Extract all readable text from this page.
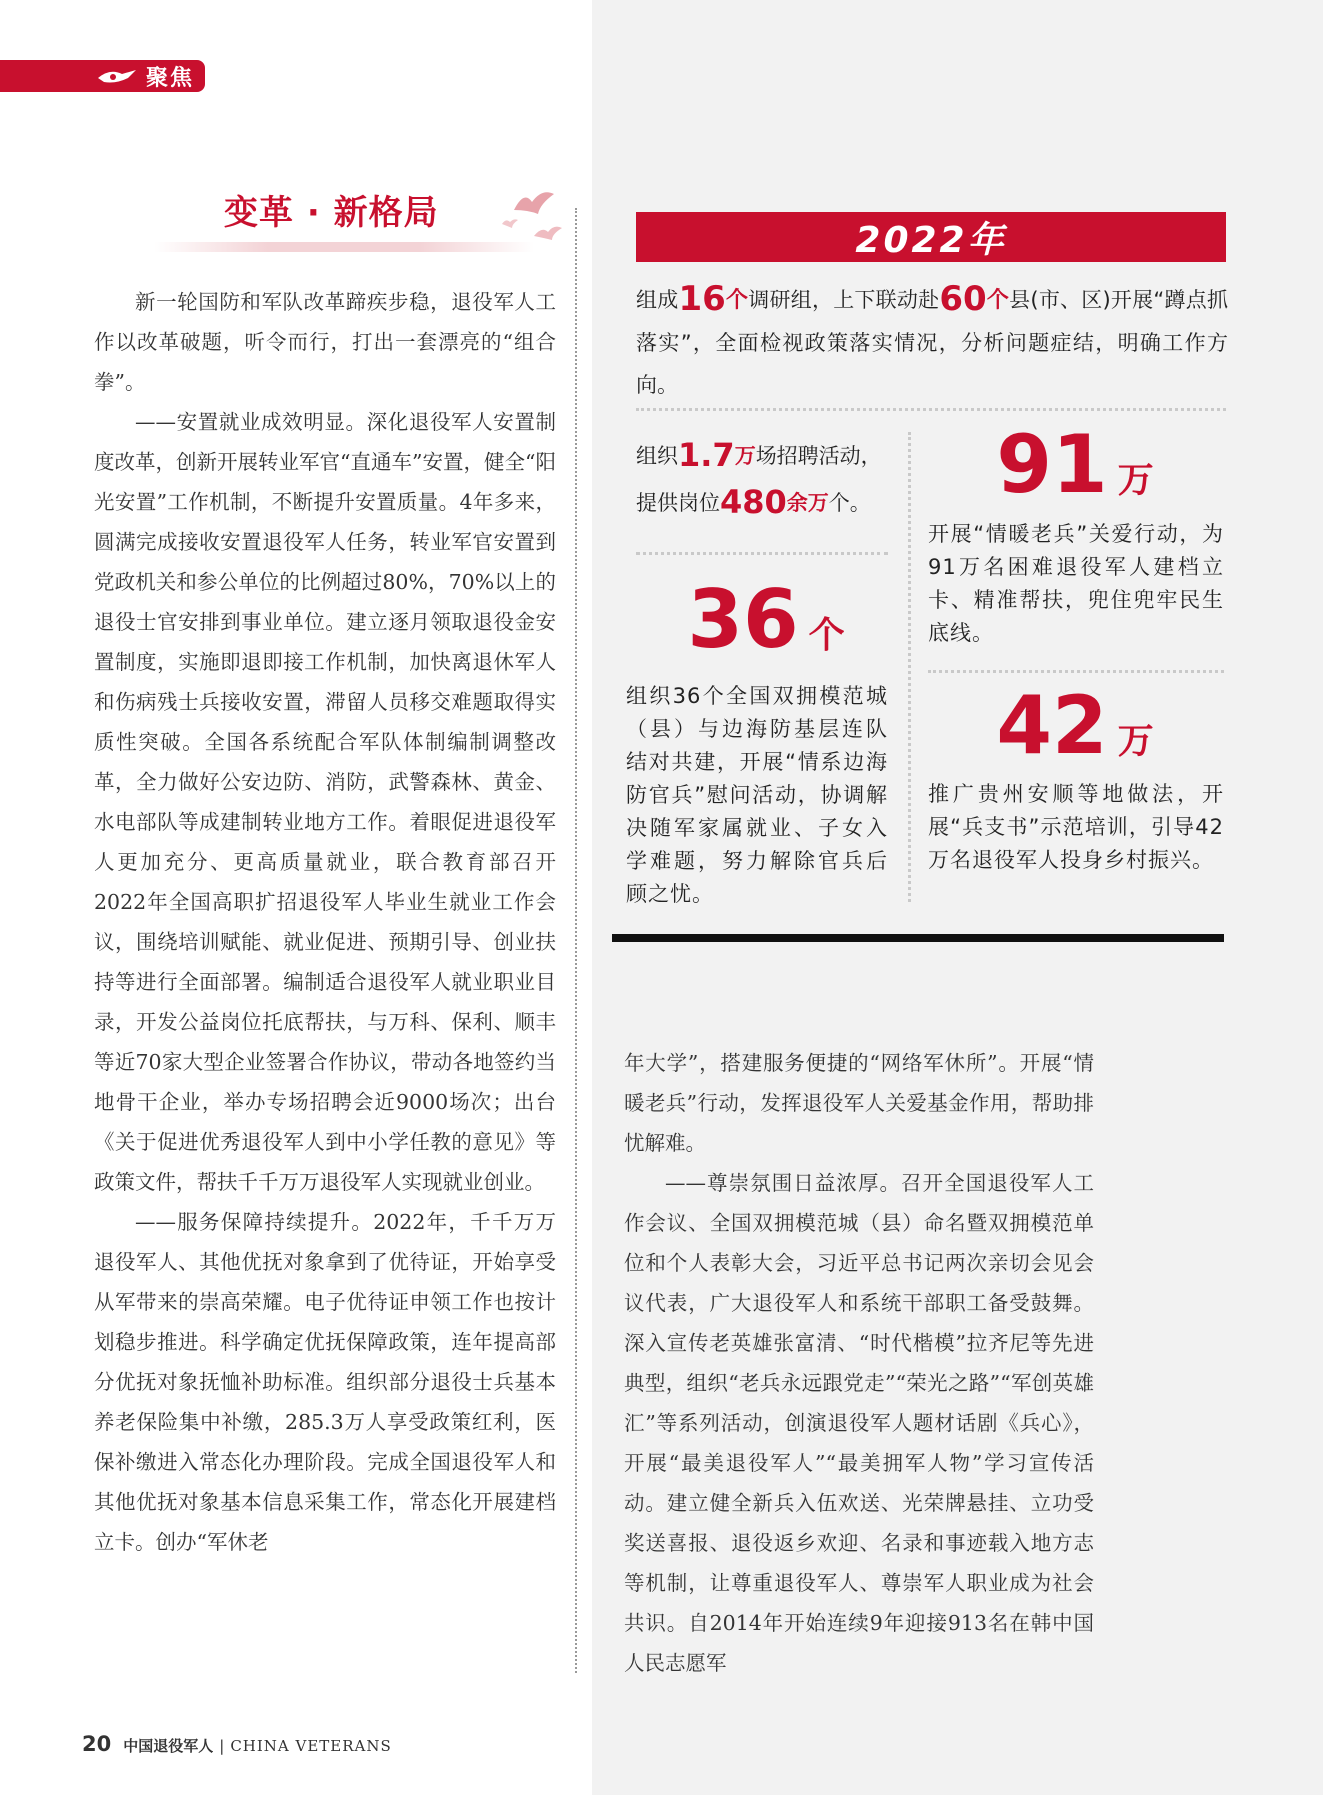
聚焦
变革 · 新格局

新一轮国防和军队改革蹄疾步稳，退役军人工作以改革破题，听令而行，打出一套漂亮的“组合拳”。

——安置就业成效明显。深化退役军人安置制度改革，创新开展转业军官“直通车”安置，健全“阳光安置”工作机制，不断提升安置质量。4年多来，圆满完成接收安置退役军人任务，转业军官安置到党政机关和参公单位的比例超过80%，70%以上的退役士官安排到事业单位。建立逐月领取退役金安置制度，实施即退即接工作机制，加快离退休军人和伤病残士兵接收安置，滞留人员移交难题取得实质性突破。全国各系统配合军队体制编制调整改革，全力做好公安边防、消防，武警森林、黄金、水电部队等成建制转业地方工作。着眼促进退役军人更加充分、更高质量就业，联合教育部召开2022年全国高职扩招退役军人毕业生就业工作会议，围绕培训赋能、就业促进、预期引导、创业扶持等进行全面部署。编制适合退役军人就业职业目录，开发公益岗位托底帮扶，与万科、保利、顺丰等近70家大型企业签署合作协议，带动各地签约当地骨干企业，举办专场招聘会近9000场次；出台《关于促进优秀退役军人到中小学任教的意见》等政策文件，帮扶千千万万退役军人实现就业创业。

——服务保障持续提升。2022年，千千万万退役军人、其他优抚对象拿到了优待证，开始享受从军带来的崇高荣耀。电子优待证申领工作也按计划稳步推进。科学确定优抚保障政策，连年提高部分优抚对象抚恤补助标准。组织部分退役士兵基本养老保险集中补缴，285.3万人享受政策红利，医保补缴进入常态化办理阶段。完成全国退役军人和其他优抚对象基本信息采集工作，常态化开展建档立卡。创办“军休老

2022年
组成16个调研组，上下联动赴60个县(市、区)开展“蹲点抓落实”，全面检视政策落实情况，分析问题症结，明确工作方向。
组织1.7万场招聘活动，
提供岗位480余万个。
36 个
组织36个全国双拥模范城（县）与边海防基层连队结对共建，开展“情系边海防官兵”慰问活动，协调解决随军家属就业、子女入学难题，努力解除官兵后顾之忧。
91 万
开展“情暖老兵”关爱行动，为91万名困难退役军人建档立卡、精准帮扶，兜住兜牢民生底线。
42 万
推广贵州安顺等地做法，开展“兵支书”示范培训，引导42万名退役军人投身乡村振兴。

年大学”，搭建服务便捷的“网络军休所”。开展“情暖老兵”行动，发挥退役军人关爱基金作用，帮助排忧解难。

——尊崇氛围日益浓厚。召开全国退役军人工作会议、全国双拥模范城（县）命名暨双拥模范单位和个人表彰大会，习近平总书记两次亲切会见会议代表，广大退役军人和系统干部职工备受鼓舞。深入宣传老英雄张富清、“时代楷模”拉齐尼等先进典型，组织“老兵永远跟党走”“荣光之路”“军创英雄汇”等系列活动，创演退役军人题材话剧《兵心》，开展“最美退役军人”“最美拥军人物”学习宣传活动。建立健全新兵入伍欢送、光荣牌悬挂、立功受奖送喜报、退役返乡欢迎、名录和事迹载入地方志等机制，让尊重退役军人、尊崇军人职业成为社会共识。自2014年开始连续9年迎接913名在韩中国人民志愿军

20 中国退役军人 | CHINA VETERANS
